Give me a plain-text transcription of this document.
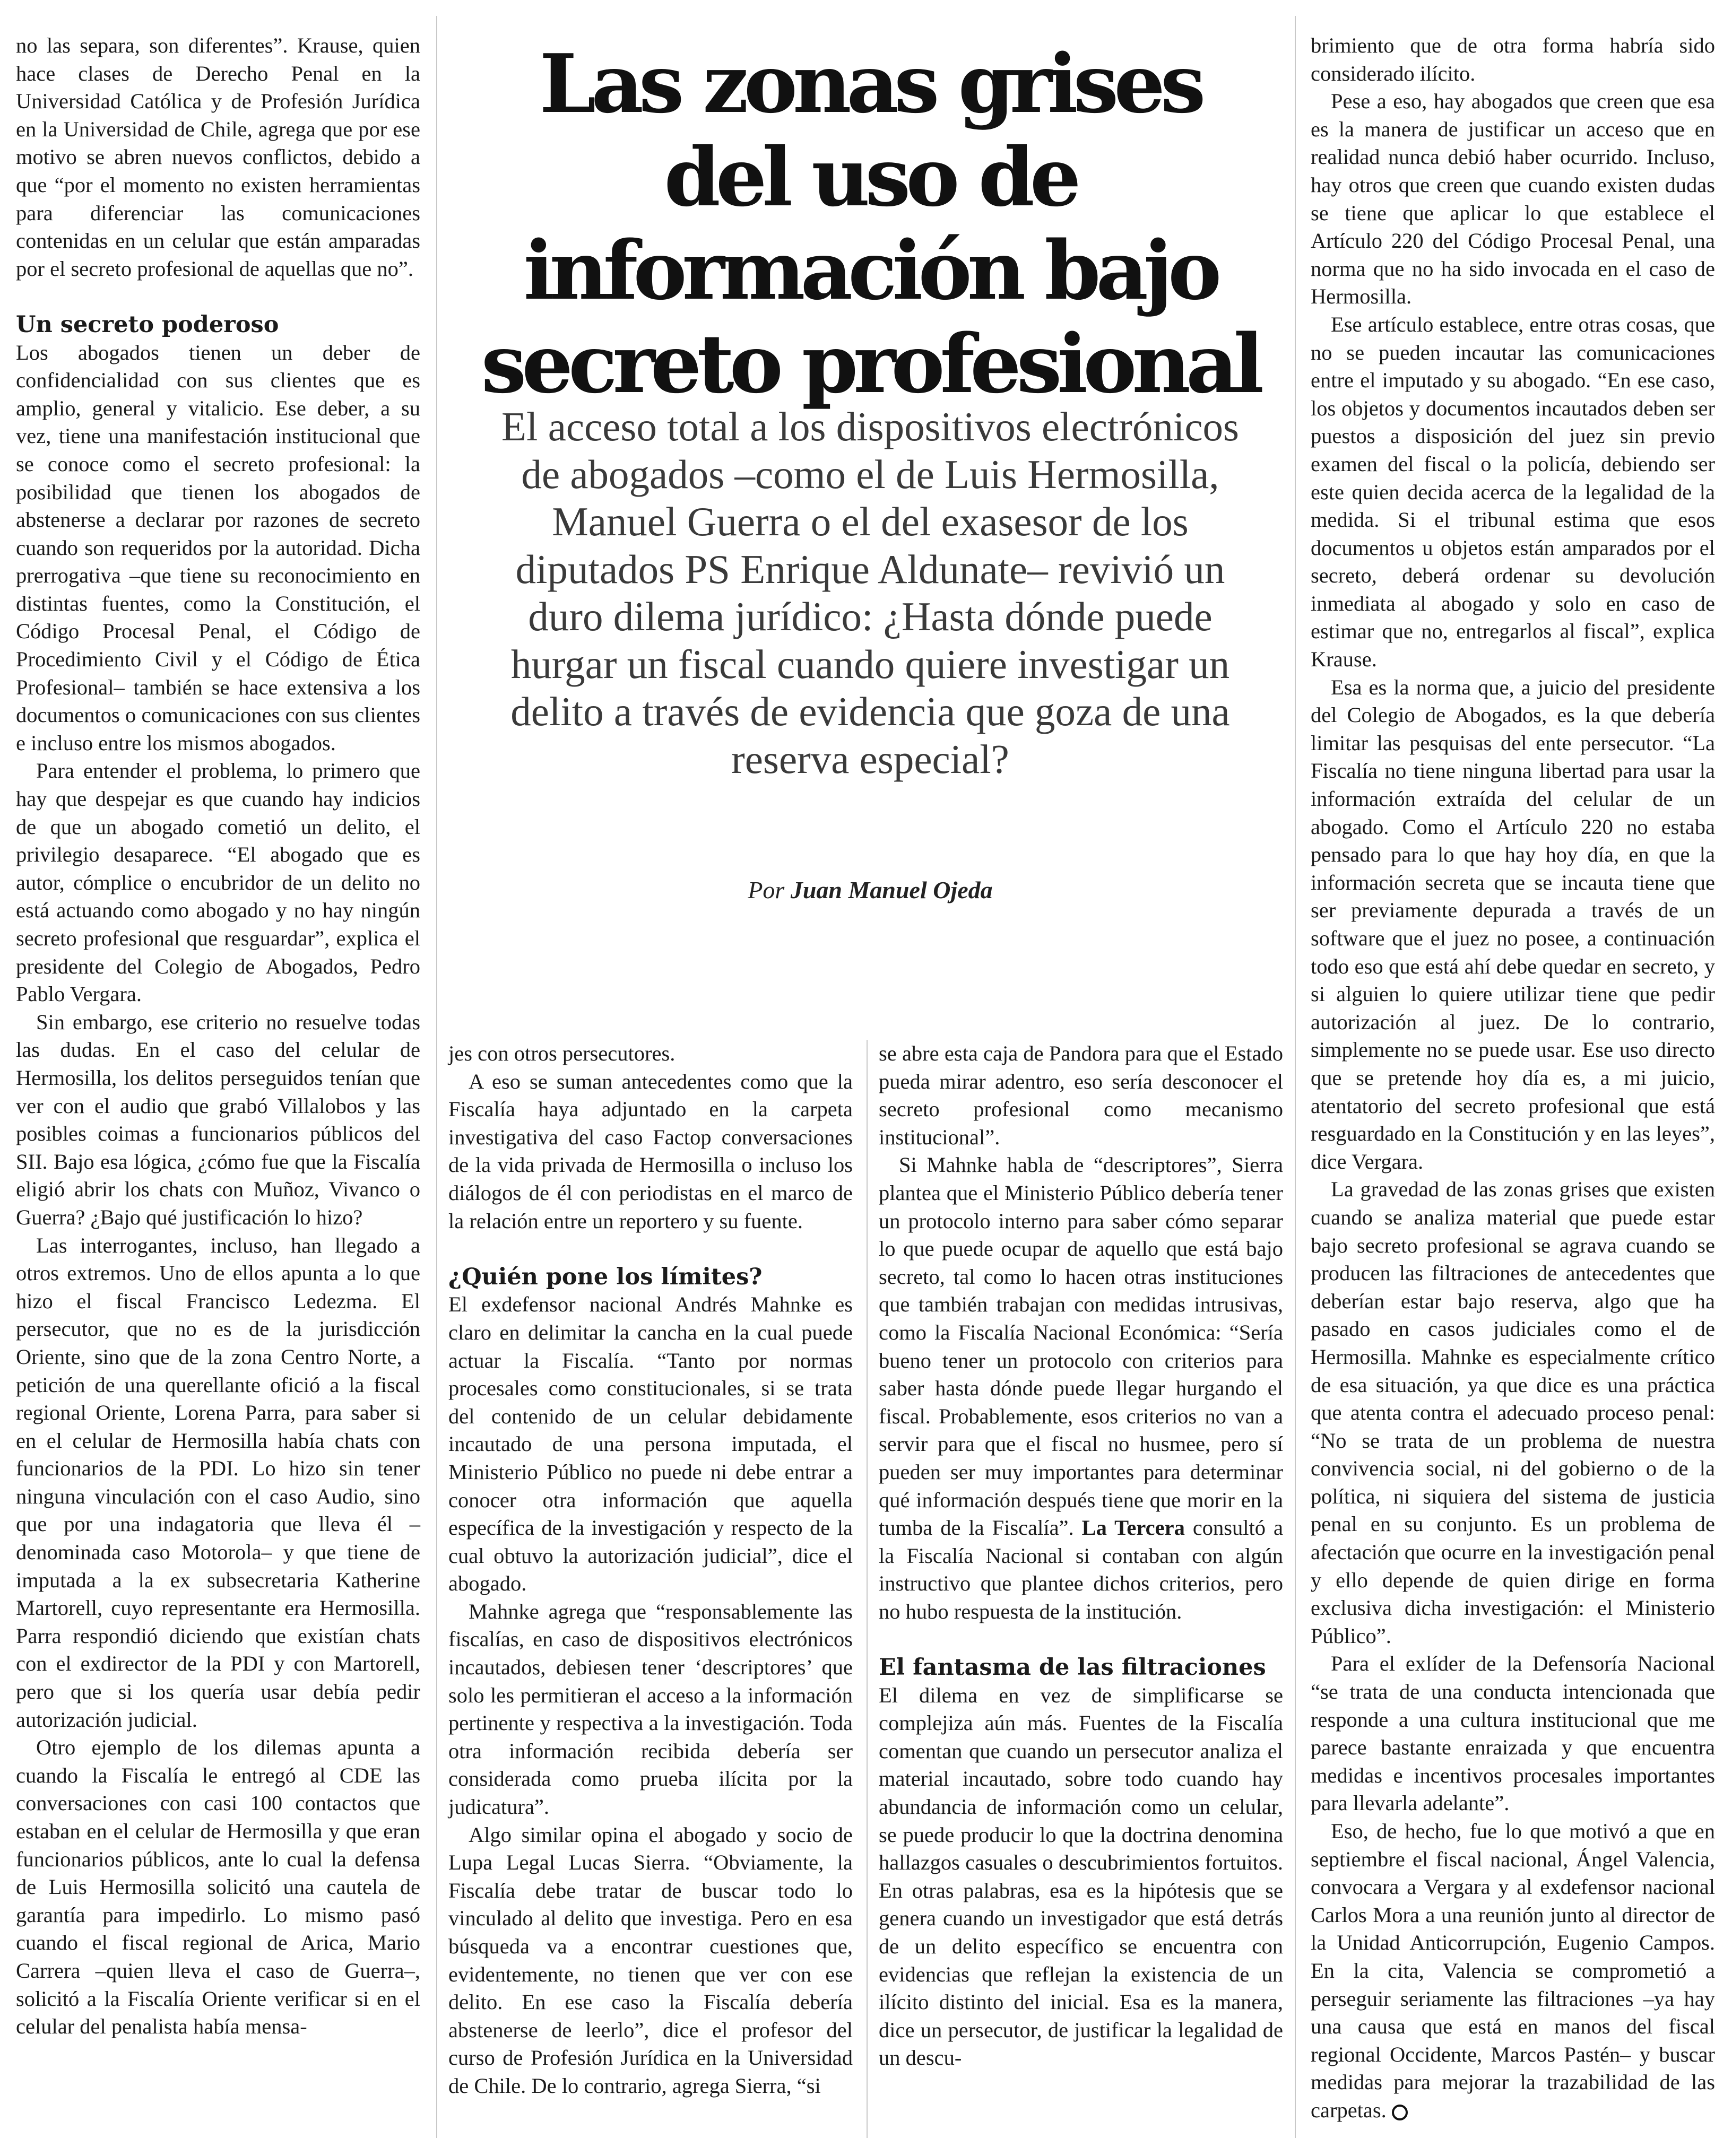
Las zonas grises del uso de información bajo secreto profesional

El acceso total a los dispositivos electrónicos de abogados –como el de Luis Hermosilla, Manuel Guerra o el del exasesor de los diputados PS Enrique Aldunate– revivió un duro dilema jurídico: ¿Hasta dónde puede hurgar un fiscal cuando quiere investigar un delito a través de evidencia que goza de una reserva especial?

Por Juan Manuel Ojeda

no las separa, son diferentes”. Krause, quien hace clases de Derecho Penal en la Universidad Católica y de Profesión Jurídica en la Universidad de Chile, agrega que por ese motivo se abren nuevos conflictos, debido a que “por el momento no existen herramientas para diferenciar las comunicaciones contenidas en un celular que están amparadas por el secreto profesional de aquellas que no”.

Un secreto poderoso

Los abogados tienen un deber de confidencialidad con sus clientes que es amplio, general y vitalicio. Ese deber, a su vez, tiene una manifestación institucional que se conoce como el secreto profesional: la posibilidad que tienen los abogados de abstenerse a declarar por razones de secreto cuando son requeridos por la autoridad. Dicha prerrogativa –que tiene su reconocimiento en distintas fuentes, como la Constitución, el Código Procesal Penal, el Código de Procedimiento Civil y el Código de Ética Profesional– también se hace extensiva a los documentos o comunicaciones con sus clientes e incluso entre los mismos abogados.

Para entender el problema, lo primero que hay que despejar es que cuando hay indicios de que un abogado cometió un delito, el privilegio desaparece. “El abogado que es autor, cómplice o encubridor de un delito no está actuando como abogado y no hay ningún secreto profesional que resguardar”, explica el presidente del Colegio de Abogados, Pedro Pablo Vergara.

Sin embargo, ese criterio no resuelve todas las dudas. En el caso del celular de Hermosilla, los delitos perseguidos tenían que ver con el audio que grabó Villalobos y las posibles coimas a funcionarios públicos del SII. Bajo esa lógica, ¿cómo fue que la Fiscalía eligió abrir los chats con Muñoz, Vivanco o Guerra? ¿Bajo qué justificación lo hizo?

Las interrogantes, incluso, han llegado a otros extremos. Uno de ellos apunta a lo que hizo el fiscal Francisco Ledezma. El persecutor, que no es de la jurisdicción Oriente, sino que de la zona Centro Norte, a petición de una querellante ofició a la fiscal regional Oriente, Lorena Parra, para saber si en el celular de Hermosilla había chats con funcionarios de la PDI. Lo hizo sin tener ninguna vinculación con el caso Audio, sino que por una indagatoria que lleva él –denominada caso Motorola– y que tiene de imputada a la ex subsecretaria Katherine Martorell, cuyo representante era Hermosilla. Parra respondió diciendo que existían chats con el exdirector de la PDI y con Martorell, pero que si los quería usar debía pedir autorización judicial.

Otro ejemplo de los dilemas apunta a cuando la Fiscalía le entregó al CDE las conversaciones con casi 100 contactos que estaban en el celular de Hermosilla y que eran funcionarios públicos, ante lo cual la defensa de Luis Hermosilla solicitó una cautela de garantía para impedirlo. Lo mismo pasó cuando el fiscal regional de Arica, Mario Carrera –quien lleva el caso de Guerra–, solicitó a la Fiscalía Oriente verificar si en el celular del penalista había mensa-

jes con otros persecutores.

A eso se suman antecedentes como que la Fiscalía haya adjuntado en la carpeta investigativa del caso Factop conversaciones de la vida privada de Hermosilla o incluso los diálogos de él con periodistas en el marco de la relación entre un reportero y su fuente.

¿Quién pone los límites?

El exdefensor nacional Andrés Mahnke es claro en delimitar la cancha en la cual puede actuar la Fiscalía. “Tanto por normas procesales como constitucionales, si se trata del contenido de un celular debidamente incautado de una persona imputada, el Ministerio Público no puede ni debe entrar a conocer otra información que aquella específica de la investigación y respecto de la cual obtuvo la autorización judicial”, dice el abogado.

Mahnke agrega que “responsablemente las fiscalías, en caso de dispositivos electrónicos incautados, debiesen tener ‘descriptores’ que solo les permitieran el acceso a la información pertinente y respectiva a la investigación. Toda otra información recibida debería ser considerada como prueba ilícita por la judicatura”.

Algo similar opina el abogado y socio de Lupa Legal Lucas Sierra. “Obviamente, la Fiscalía debe tratar de buscar todo lo vinculado al delito que investiga. Pero en esa búsqueda va a encontrar cuestiones que, evidentemente, no tienen que ver con ese delito. En ese caso la Fiscalía debería abstenerse de leerlo”, dice el profesor del curso de Profesión Jurídica en la Universidad de Chile. De lo contrario, agrega Sierra, “si

se abre esta caja de Pandora para que el Estado pueda mirar adentro, eso sería desconocer el secreto profesional como mecanismo institucional”.

Si Mahnke habla de “descriptores”, Sierra plantea que el Ministerio Público debería tener un protocolo interno para saber cómo separar lo que puede ocupar de aquello que está bajo secreto, tal como lo hacen otras instituciones que también trabajan con medidas intrusivas, como la Fiscalía Nacional Económica: “Sería bueno tener un protocolo con criterios para saber hasta dónde puede llegar hurgando el fiscal. Probablemente, esos criterios no van a servir para que el fiscal no husmee, pero sí pueden ser muy importantes para determinar qué información después tiene que morir en la tumba de la Fiscalía”. La Tercera consultó a la Fiscalía Nacional si contaban con algún instructivo que plantee dichos criterios, pero no hubo respuesta de la institución.

El fantasma de las filtraciones

El dilema en vez de simplificarse se complejiza aún más. Fuentes de la Fiscalía comentan que cuando un persecutor analiza el material incautado, sobre todo cuando hay abundancia de información como un celular, se puede producir lo que la doctrina denomina hallazgos casuales o descubrimientos fortuitos. En otras palabras, esa es la hipótesis que se genera cuando un investigador que está detrás de un delito específico se encuentra con evidencias que reflejan la existencia de un ilícito distinto del inicial. Esa es la manera, dice un persecutor, de justificar la legalidad de un descu-

brimiento que de otra forma habría sido considerado ilícito.

Pese a eso, hay abogados que creen que esa es la manera de justificar un acceso que en realidad nunca debió haber ocurrido. Incluso, hay otros que creen que cuando existen dudas se tiene que aplicar lo que establece el Artículo 220 del Código Procesal Penal, una norma que no ha sido invocada en el caso de Hermosilla.

Ese artículo establece, entre otras cosas, que no se pueden incautar las comunicaciones entre el imputado y su abogado. “En ese caso, los objetos y documentos incautados deben ser puestos a disposición del juez sin previo examen del fiscal o la policía, debiendo ser este quien decida acerca de la legalidad de la medida. Si el tribunal estima que esos documentos u objetos están amparados por el secreto, deberá ordenar su devolución inmediata al abogado y solo en caso de estimar que no, entregarlos al fiscal”, explica Krause.

Esa es la norma que, a juicio del presidente del Colegio de Abogados, es la que debería limitar las pesquisas del ente persecutor. “La Fiscalía no tiene ninguna libertad para usar la información extraída del celular de un abogado. Como el Artículo 220 no estaba pensado para lo que hay hoy día, en que la información secreta que se incauta tiene que ser previamente depurada a través de un software que el juez no posee, a continuación todo eso que está ahí debe quedar en secreto, y si alguien lo quiere utilizar tiene que pedir autorización al juez. De lo contrario, simplemente no se puede usar. Ese uso directo que se pretende hoy día es, a mi juicio, atentatorio del secreto profesional que está resguardado en la Constitución y en las leyes”, dice Vergara.

La gravedad de las zonas grises que existen cuando se analiza material que puede estar bajo secreto profesional se agrava cuando se producen las filtraciones de antecedentes que deberían estar bajo reserva, algo que ha pasado en casos judiciales como el de Hermosilla. Mahnke es especialmente crítico de esa situación, ya que dice es una práctica que atenta contra el adecuado proceso penal: “No se trata de un problema de nuestra convivencia social, ni del gobierno o de la política, ni siquiera del sistema de justicia penal en su conjunto. Es un problema de afectación que ocurre en la investigación penal y ello depende de quien dirige en forma exclusiva dicha investigación: el Ministerio Público”.

Para el exlíder de la Defensoría Nacional “se trata de una conducta intencionada que responde a una cultura institucional que me parece bastante enraizada y que encuentra medidas e incentivos procesales importantes para llevarla adelante”.

Eso, de hecho, fue lo que motivó a que en septiembre el fiscal nacional, Ángel Valencia, convocara a Vergara y al exdefensor nacional Carlos Mora a una reunión junto al director de la Unidad Anticorrupción, Eugenio Campos. En la cita, Valencia se comprometió a perseguir seriamente las filtraciones –ya hay una causa que está en manos del fiscal regional Occidente, Marcos Pastén– y buscar medidas para mejorar la trazabilidad de las carpetas.
